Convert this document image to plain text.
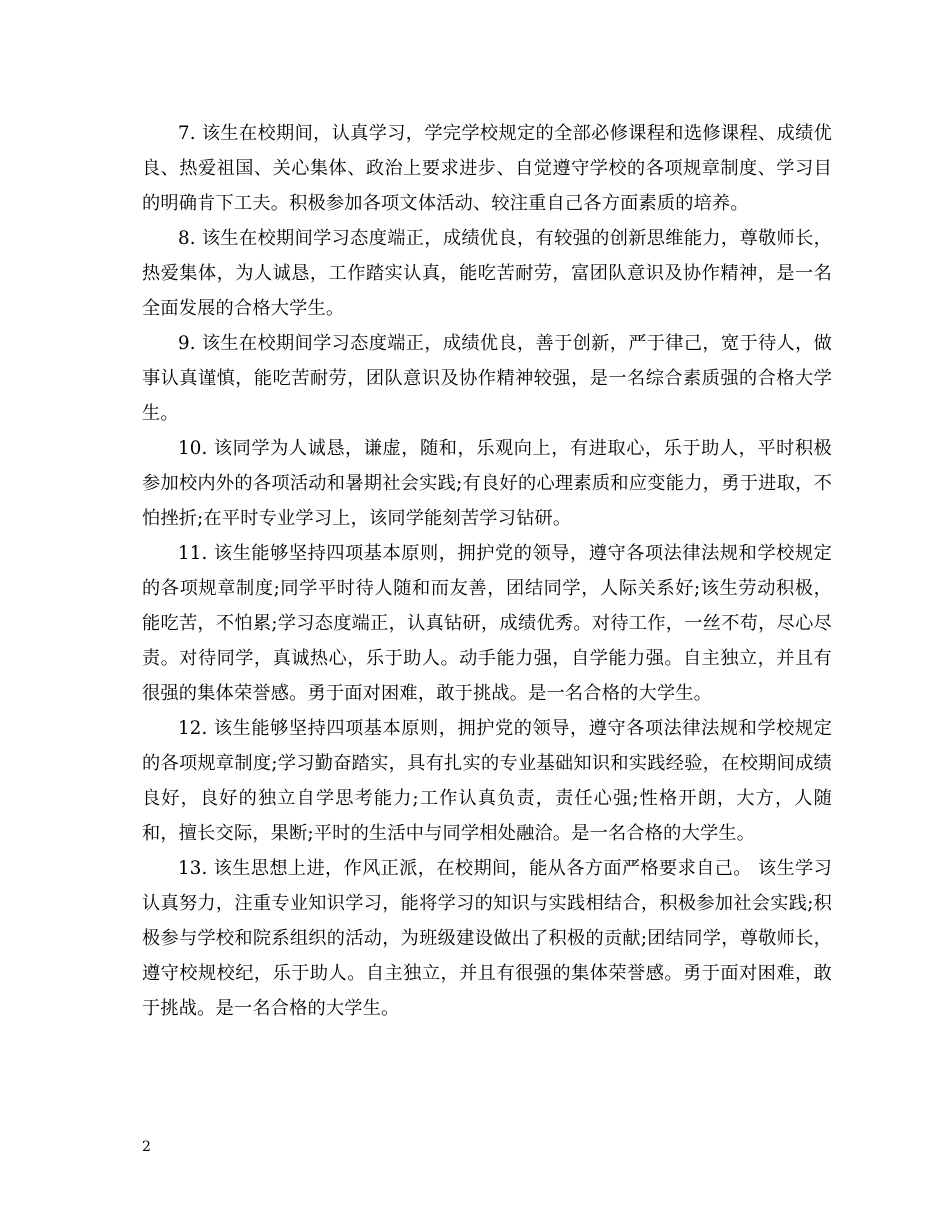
7. 该生在校期间，认真学习，学完学校规定的全部必修课程和选修课程、成绩优良、热爱祖国、关心集体、政治上要求进步、自觉遵守学校的各项规章制度、学习目的明确肯下工夫。积极参加各项文体活动、较注重自己各方面素质的培养。

8. 该生在校期间学习态度端正，成绩优良，有较强的创新思维能力，尊敬师长，热爱集体，为人诚恳，工作踏实认真，能吃苦耐劳，富团队意识及协作精神，是一名全面发展的合格大学生。

9. 该生在校期间学习态度端正，成绩优良，善于创新，严于律己，宽于待人，做事认真谨慎，能吃苦耐劳，团队意识及协作精神较强，是一名综合素质强的合格大学生。

10. 该同学为人诚恳，谦虚，随和，乐观向上，有进取心，乐于助人，平时积极参加校内外的各项活动和暑期社会实践;有良好的心理素质和应变能力，勇于进取，不怕挫折;在平时专业学习上，该同学能刻苦学习钻研。

11. 该生能够坚持四项基本原则，拥护党的领导，遵守各项法律法规和学校规定的各项规章制度;同学平时待人随和而友善，团结同学，人际关系好;该生劳动积极，能吃苦，不怕累;学习态度端正，认真钻研，成绩优秀。对待工作，一丝不苟，尽心尽责。对待同学，真诚热心，乐于助人。动手能力强，自学能力强。自主独立，并且有很强的集体荣誉感。勇于面对困难，敢于挑战。是一名合格的大学生。

12. 该生能够坚持四项基本原则，拥护党的领导，遵守各项法律法规和学校规定的各项规章制度;学习勤奋踏实，具有扎实的专业基础知识和实践经验，在校期间成绩良好，良好的独立自学思考能力;工作认真负责，责任心强;性格开朗，大方，人随和，擅长交际，果断;平时的生活中与同学相处融洽。是一名合格的大学生。

13. 该生思想上进，作风正派，在校期间，能从各方面严格要求自己。 该生学习认真努力，注重专业知识学习，能将学习的知识与实践相结合，积极参加社会实践;积极参与学校和院系组织的活动，为班级建设做出了积极的贡献;团结同学，尊敬师长，遵守校规校纪，乐于助人。自主独立，并且有很强的集体荣誉感。勇于面对困难，敢于挑战。是一名合格的大学生。

2
